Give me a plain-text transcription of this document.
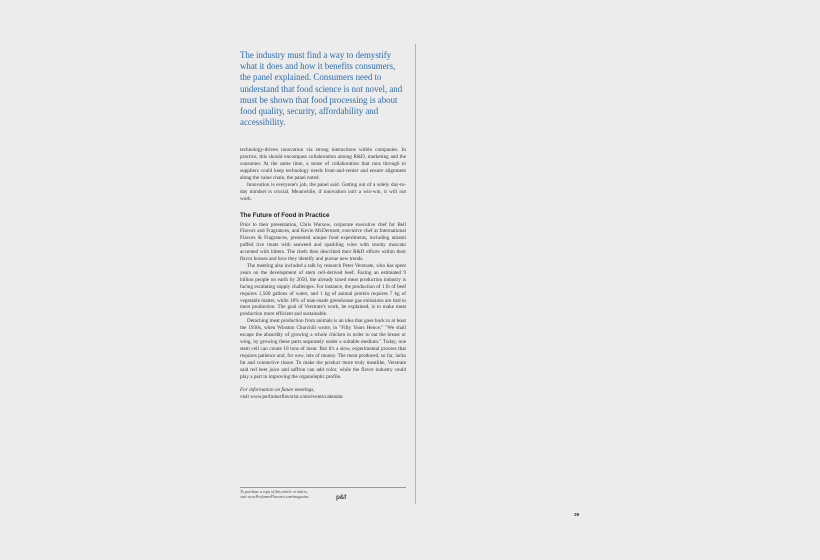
The industry must find a way to demystify what it does and how it benefits consumers, the panel explained. Consumers need to understand that food science is not novel, and must be shown that food processing is about food quality, security, affordability and accessibility.

technology-driven innovation via strong interactions within companies. In practice, this should encompass collaboration among R&D, marketing and the consumer. At the same time, a sense of collaboration that runs through to suppliers could keep technology needs front-and-center and ensure alignment along the value chain, the panel noted.

Innovation is everyone's job, the panel said. Getting out of a solely day-to-day mindset is crucial. Meanwhile, if innovation isn't a win-win, it will not work.

The Future of Food in Practice

Prior to their presentation, Chris Warsow, corporate executive chef for Bell Flavors and Fragrances, and Kevin McDermott, executive chef at International Flavors & Fragrances, presented unique food experiments, including umami puffed rice treats with seaweed and sparkling wine with smoky moscato accented with bitters. The chefs then described their R&D efforts within their flavor houses and how they identify and pursue new trends.

The meeting also included a talk by research Peter Verstrate, who has spent years on the development of stem cell-derived beef. Facing an estimated 9 billion people on earth by 2050, the already taxed meat production industry is facing escalating supply challenges. For instance, the production of 1 lb of beef requires 1,500 gallons of water, and 1 kg of animal protein requires 7 kg of vegetable matter, while 18% of man-made greenhouse gas emissions are tied to meat production. The goal of Verstrate's work, he explained, is to make meat production more efficient and sustainable.

Detaching meat production from animals is an idea that goes back to at least the 1930s, when Winston Churchill wrote, in "Fifty Years Hence," "We shall escape the absurdity of growing a whole chicken in order to eat the breast or wing, by growing these parts separately under a suitable medium." Today, one stem cell can create 10 tons of meat. But it's a slow, experimental process that requires patience and, for now, lots of money. The meat produced, so far, lacks fat and connective tissue. To make the product more truly meatlike, Verstrate said red beet juice and saffron can add color, while the flavor industry could play a part in improving the organoleptic profile.

For information on future meetings,
visit www.perfumerflavorist.com/events/calendar.
To purchase a copy of this article or others,
visit www.PerfumerFlavorist.com/magazine.	p&f
39
